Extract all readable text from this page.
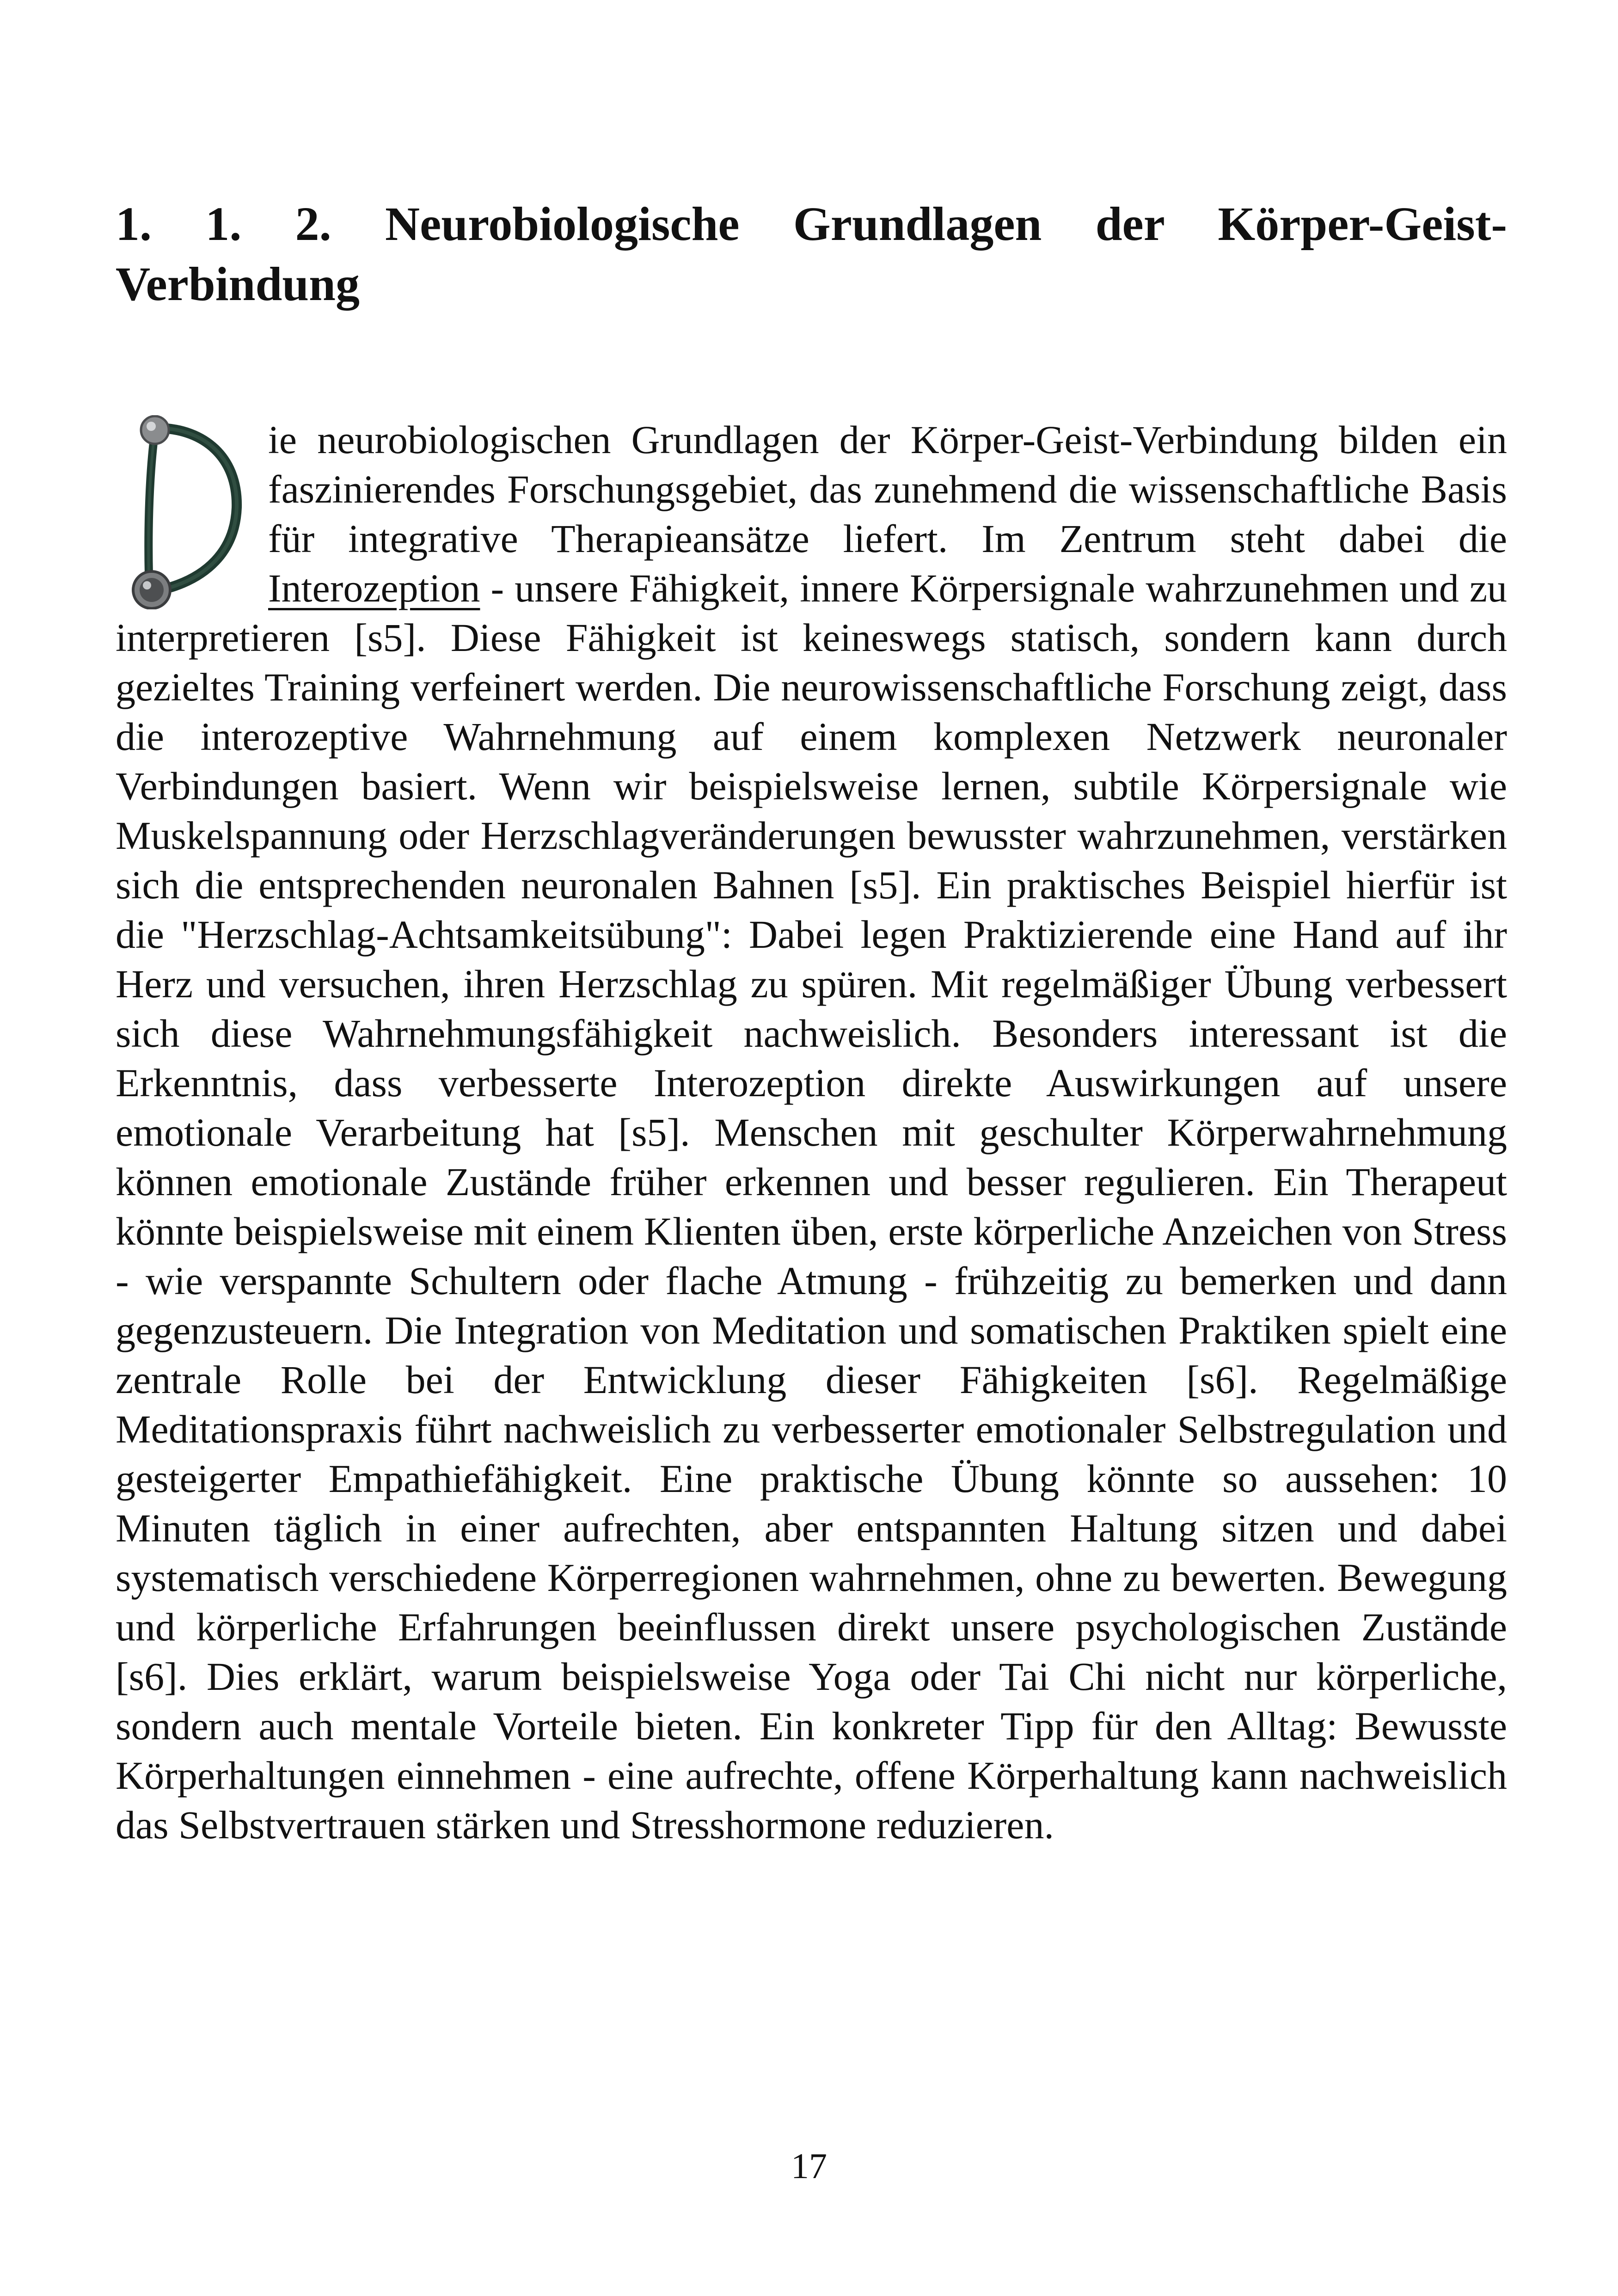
1. 1. 2. Neurobiologische Grundlagen der Körper-Geist-
Verbindung
ie neurobiologischen Grundlagen der Körper-Geist-Verbindung bilden ein faszinierendes Forschungsgebiet, das zunehmend die wissenschaftliche Basis für integrative Therapieansätze liefert. Im Zentrum steht dabei die Interozeption - unsere Fähigkeit, innere Körpersignale wahrzunehmen und zu interpretieren [s5]. Diese Fähigkeit ist keineswegs statisch, sondern kann durch gezieltes Training verfeinert werden. Die neurowissenschaftliche Forschung zeigt, dass die interozeptive Wahrnehmung auf einem komplexen Netzwerk neuronaler Verbindungen basiert. Wenn wir beispielsweise lernen, subtile Körpersignale wie Muskelspannung oder Herzschlagveränderungen bewusster wahrzunehmen, verstärken sich die entsprechenden neuronalen Bahnen [s5]. Ein praktisches Beispiel hierfür ist die "Herzschlag-Achtsamkeitsübung": Dabei legen Praktizierende eine Hand auf ihr Herz und versuchen, ihren Herzschlag zu spüren. Mit regelmäßiger Übung verbessert sich diese Wahrnehmungsfähigkeit nachweislich. Besonders interessant ist die Erkenntnis, dass verbesserte Interozeption direkte Auswirkungen auf unsere emotionale Verarbeitung hat [s5]. Menschen mit geschulter Körperwahrnehmung können emotionale Zustände früher erkennen und besser regulieren. Ein Therapeut könnte beispielsweise mit einem Klienten üben, erste körperliche Anzeichen von Stress - wie verspannte Schultern oder flache Atmung - frühzeitig zu bemerken und dann gegenzusteuern. Die Integration von Meditation und somatischen Praktiken spielt eine zentrale Rolle bei der Entwicklung dieser Fähigkeiten [s6]. Regelmäßige Meditationspraxis führt nachweislich zu verbesserter emotionaler Selbstregulation und gesteigerter Empathiefähigkeit. Eine praktische Übung könnte so aussehen: 10 Minuten täglich in einer aufrechten, aber entspannten Haltung sitzen und dabei systematisch verschiedene Körperregionen wahrnehmen, ohne zu bewerten. Bewegung und körperliche Erfahrungen beeinflussen direkt unsere psychologischen Zustände [s6]. Dies erklärt, warum beispielsweise Yoga oder Tai Chi nicht nur körperliche, sondern auch mentale Vorteile bieten. Ein konkreter Tipp für den Alltag: Bewusste Körperhaltungen einnehmen - eine aufrechte, offene Körperhaltung kann nachweislich das Selbstvertrauen stärken und Stresshormone reduzieren.
17
